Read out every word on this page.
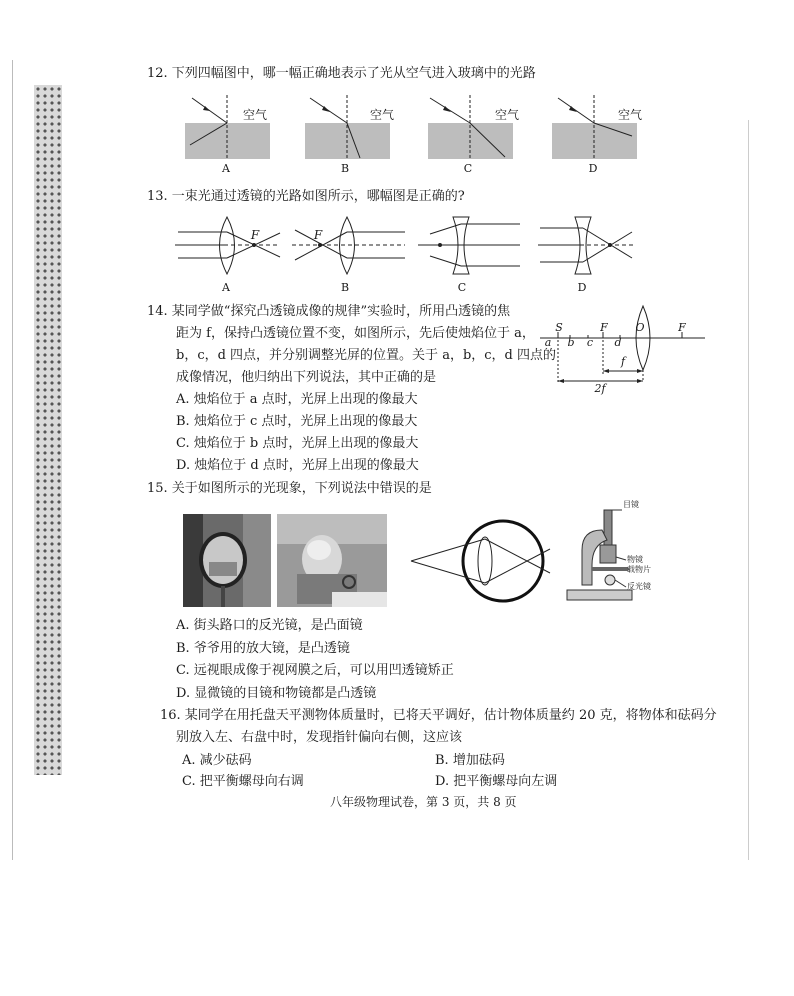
12. 下列四幅图中，哪一幅正确地表示了光从空气进入玻璃中的光路
空气	空气	空气	空气
A	B	C	D
13. 一束光通过透镜的光路如图所示，哪幅图是正确的?
F	F
A	B	C	D
14. 某同学做“探究凸透镜成像的规律”实验时，所用凸透镜的焦
距为 f，保持凸透镜位置不变，如图所示，先后使烛焰位于 a，
b，c，d 四点，并分别调整光屏的位置。关于 a，b，c，d 四点的
成像情况，他归纳出下列说法，其中正确的是
A. 烛焰位于 a 点时，光屏上出现的像最大
B. 烛焰位于 c 点时，光屏上出现的像最大
C. 烛焰位于 b 点时，光屏上出现的像最大
D. 烛焰位于 d 点时，光屏上出现的像最大
S
a	b	c
F
d
O	F
f
2f
15. 关于如图所示的光现象，下列说法中错误的是
目镜
物镜
载物片
反光镜
A. 街头路口的反光镜，是凸面镜
B. 爷爷用的放大镜，是凸透镜
C. 远视眼成像于视网膜之后，可以用凹透镜矫正
D. 显微镜的目镜和物镜都是凸透镜
16. 某同学在用托盘天平测物体质量时，已将天平调好，估计物体质量约 20 克，将物体和砝码分
别放入左、右盘中时，发现指针偏向右侧，这应该
A. 减少砝码	B. 增加砝码
C. 把平衡螺母向右调	D. 把平衡螺母向左调
八年级物理试卷，第 3 页，共 8 页
